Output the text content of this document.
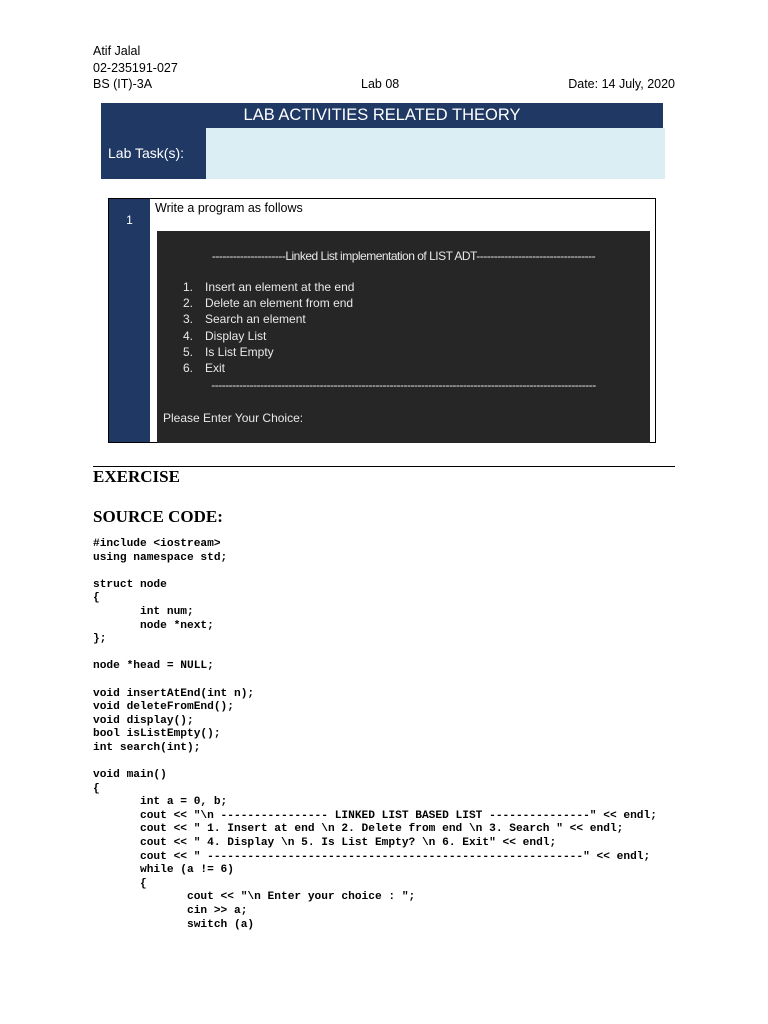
Atif Jalal
02-235191-027
BS (IT)-3A	Lab 08	Date: 14 July, 2020
LAB ACTIVITIES RELATED THEORY
Lab Task(s):
1
Write a program as follows
---------------------Linked List implementation of LIST ADT----------------------------------
1. Insert an element at the end
2. Delete an element from end
3. Search an element
4. Display List
5. Is List Empty
6. Exit
--------------------------------------------------------------------------------------------------------------
Please Enter Your Choice:
EXERCISE
SOURCE CODE:
#include <iostream>
using namespace std;
struct node
{
int num;
node *next;
};
node *head = NULL;
void insertAtEnd(int n);
void deleteFromEnd();
void display();
bool isListEmpty();
int search(int);
void main()
{
int a = 0, b;
cout << "\n ---------------- LINKED LIST BASED LIST ---------------" << endl;
cout << " 1. Insert at end \n 2. Delete from end \n 3. Search " << endl;
cout << " 4. Display \n 5. Is List Empty? \n 6. Exit" << endl;
cout << " --------------------------------------------------------" << endl;
while (a != 6)
{
cout << "\n Enter your choice : ";
cin >> a;
switch (a)
